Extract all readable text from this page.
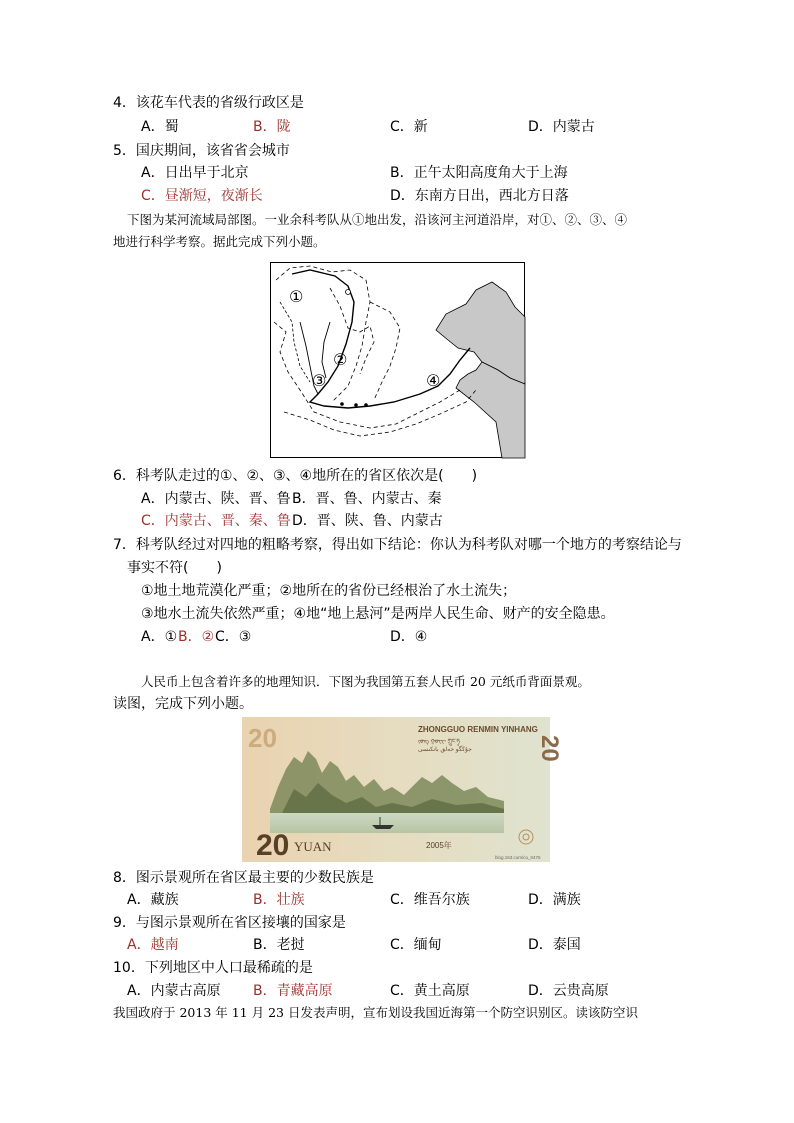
4．该花车代表的省级行政区是
A．蜀	B．陇	C．新	D．内蒙古
5．国庆期间，该省省会城市
A．日出早于北京	B．正午太阳高度角大于上海
C．昼渐短，夜渐长	D．东南方日出，西北方日落
下图为某河流域局部图。一业余科考队从①地出发，沿该河主河道沿岸，对①、②、③、④
地进行科学考察。据此完成下列小题。
①
②
③	④
6．科考队走过的①、②、③、④地所在的省区依次是(　　)
A．内蒙古、陕、晋、鲁 B．晋、鲁、内蒙古、秦
C．内蒙古、晋、秦、鲁 D．晋、陕、鲁、内蒙古
7．科考队经过对四地的粗略考察，得出如下结论：你认为科考队对哪一个地方的考察结论与
事实不符(　　)
①地土地荒漠化严重；②地所在的省份已经根治了水土流失；
③地水土流失依然严重；④地“地上悬河”是两岸人民生命、财产的安全隐患。
A．① B．② C．③	D．④
人民币上包含着许多的地理知识．下图为我国第五套人民币 20 元纸币背面景观。
读图，完成下列小题。
20	ZHONGGUO RENMIN YINHANG
ᠵᠤᠩ ᠭᠤᠸᠧ ཀྲུང་ཧྭ
جۇڭگو خەلق بانكىسى	20
20 YUAN	2005年
blog.163.com/co_0476
8．图示景观所在省区最主要的少数民族是
A．藏族	B．壮族	C．维吾尔族	D．满族
9．与图示景观所在省区接壤的国家是
A．越南	B．老挝	C．缅甸	D．泰国
10．下列地区中人口最稀疏的是
A．内蒙古高原 B．青藏高原	C．黄土高原	D．云贵高原
我国政府于 2013 年 11 月 23 日发表声明，宣布划设我国近海第一个防空识别区。读该防空识
